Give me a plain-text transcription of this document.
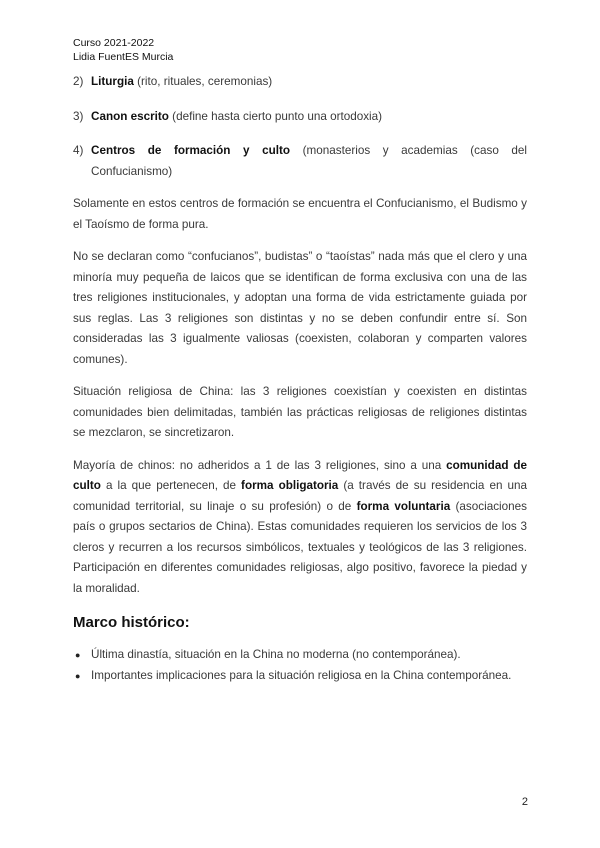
Curso 2021-2022
Lidia FuentES Murcia
2) Liturgia (rito, rituales, ceremonias)
3) Canon escrito (define hasta cierto punto una ortodoxia)
4) Centros de formación y culto (monasterios y academias (caso del Confucianismo)

Solamente en estos centros de formación se encuentra el Confucianismo, el Budismo y el Taoísmo de forma pura.

No se declaran como “confucianos”, budistas” o “taoístas” nada más que el clero y una minoría muy pequeña de laicos que se identifican de forma exclusiva con una de las tres religiones institucionales, y adoptan una forma de vida estrictamente guiada por sus reglas. Las 3 religiones son distintas y no se deben confundir entre sí. Son consideradas las 3 igualmente valiosas (coexisten, colaboran y comparten valores comunes).

Situación religiosa de China: las 3 religiones coexistían y coexisten en distintas comunidades bien delimitadas, también las prácticas religiosas de religiones distintas se mezclaron, se sincretizaron.

Mayoría de chinos: no adheridos a 1 de las 3 religiones, sino a una comunidad de culto a la que pertenecen, de forma obligatoria (a través de su residencia en una comunidad territorial, su linaje o su profesión) o de forma voluntaria (asociaciones país o grupos sectarios de China). Estas comunidades requieren los servicios de los 3 cleros y recurren a los recursos simbólicos, textuales y teológicos de las 3 religiones. Participación en diferentes comunidades religiosas, algo positivo, favorece la piedad y la moralidad.

Marco histórico:
● Última dinastía, situación en la China no moderna (no contemporánea).
● Importantes implicaciones para la situación religiosa en la China contemporánea.
2
